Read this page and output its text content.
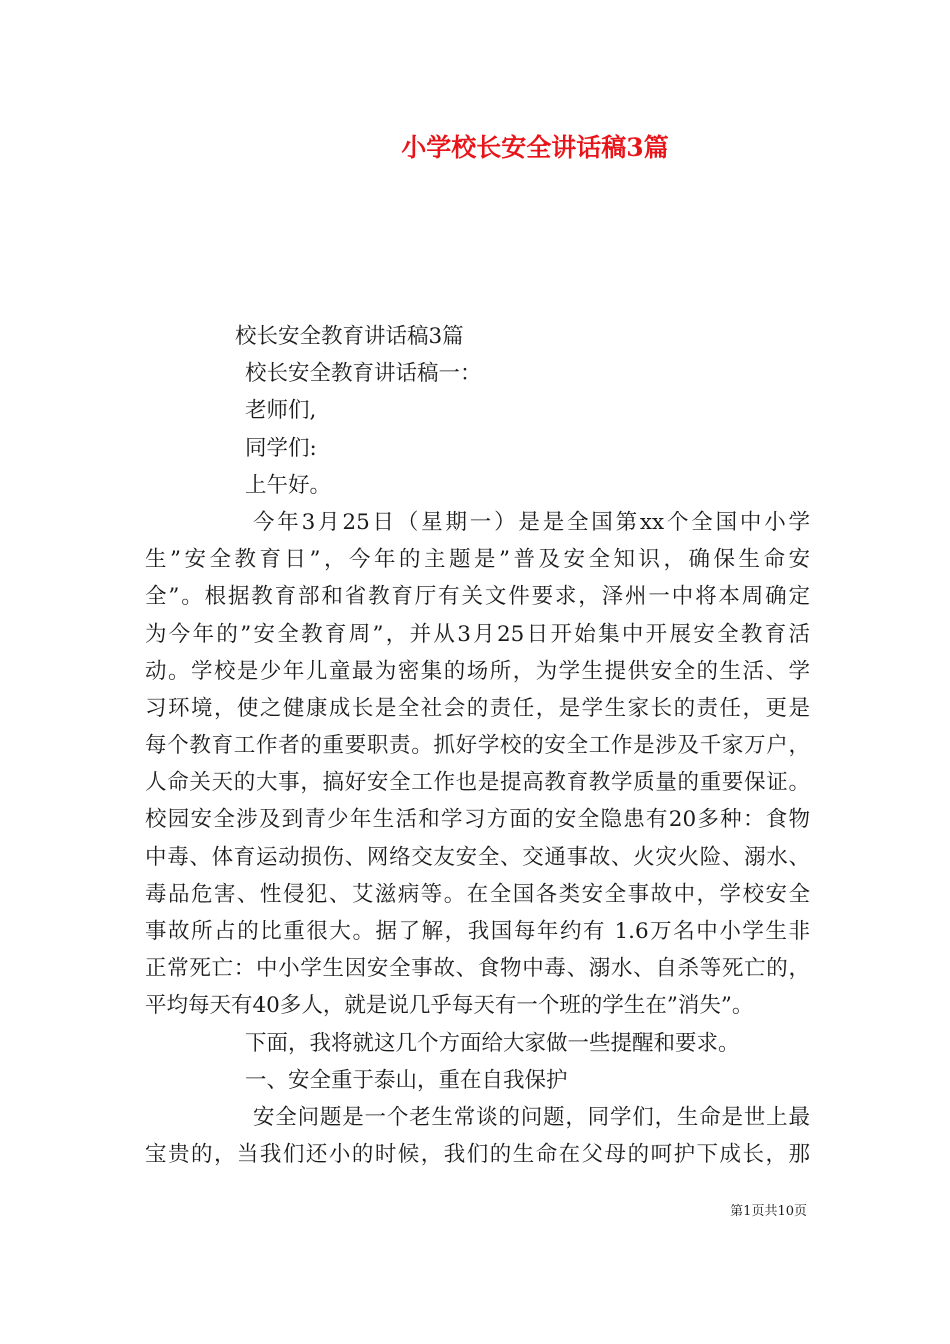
小学校长安全讲话稿3篇
校长安全教育讲话稿3篇
校长安全教育讲话稿一：
老师们,
同学们:
上午好。
今年3月25日（星期一）是是全国第xx个全国中小学
生”安全教育日”，今年的主题是”普及安全知识，确保生命安
全”。根据教育部和省教育厅有关文件要求，泽州一中将本周确定
为今年的”安全教育周”，并从3月25日开始集中开展安全教育活
动。学校是少年儿童最为密集的场所，为学生提供安全的生活、学
习环境，使之健康成长是全社会的责任，是学生家长的责任，更是
每个教育工作者的重要职责。抓好学校的安全工作是涉及千家万户，
人命关天的大事，搞好安全工作也是提高教育教学质量的重要保证。
校园安全涉及到青少年生活和学习方面的安全隐患有20多种：食物
中毒、体育运动损伤、网络交友安全、交通事故、火灾火险、溺水、
毒品危害、性侵犯、艾滋病等。在全国各类安全事故中，学校安全
事故所占的比重很大。据了解，我国每年约有 1.6万名中小学生非
正常死亡：中小学生因安全事故、食物中毒、溺水、自杀等死亡的，
平均每天有40多人，就是说几乎每天有一个班的学生在”消失”。
下面，我将就这几个方面给大家做一些提醒和要求。
一、安全重于泰山，重在自我保护
安全问题是一个老生常谈的问题，同学们，生命是世上最
宝贵的，当我们还小的时候，我们的生命在父母的呵护下成长，那
第1页共10页
